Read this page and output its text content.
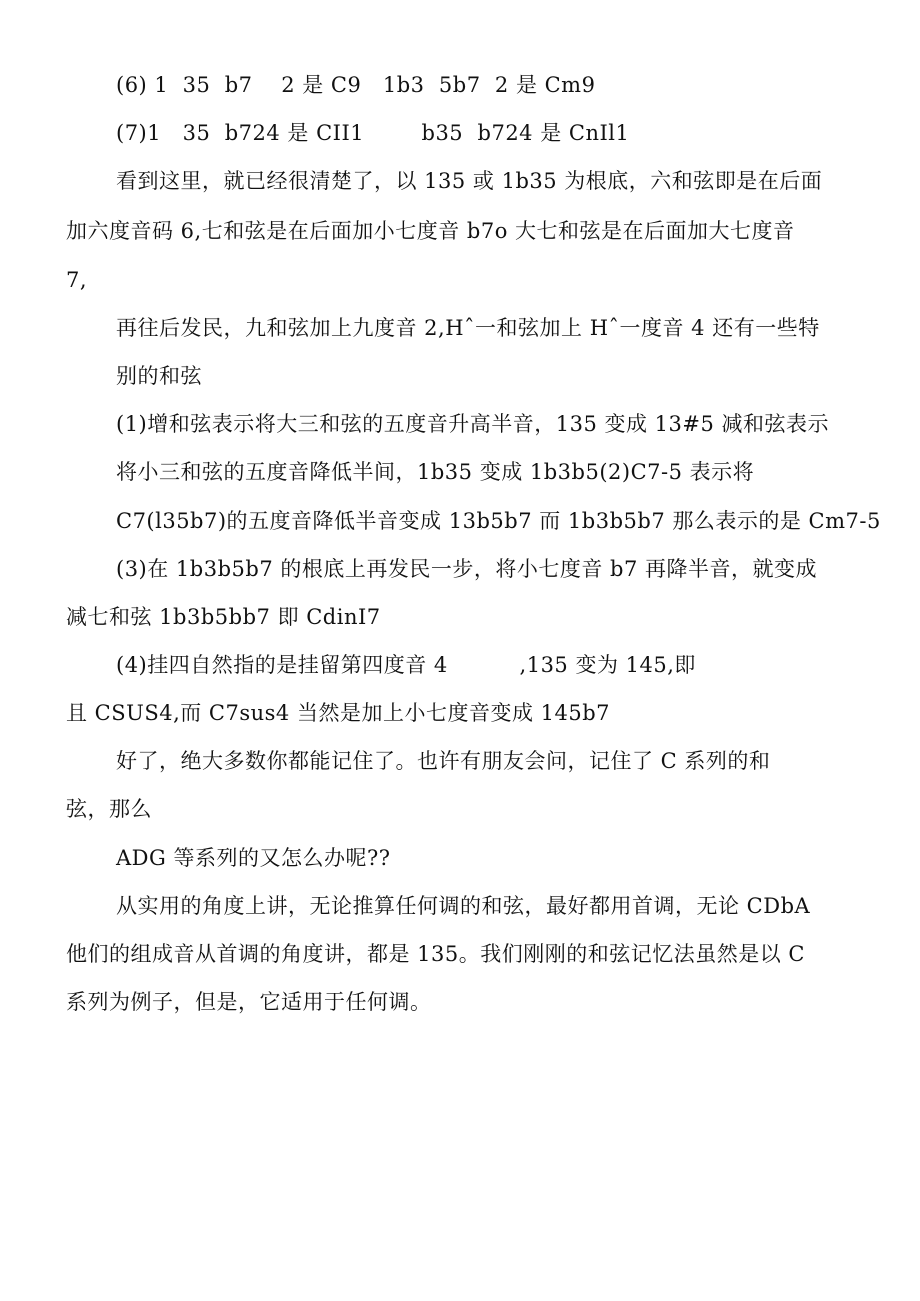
(6) 1  35  b7    2 是 C9   1b3  5b7  2 是 Cm9

(7)1   35  b724 是 CII1        b35  b724 是 CnIl1

看到这里，就已经很清楚了，以 135 或 1b35 为根底，六和弦即是在后面

加六度音码 6,七和弦是在后面加小七度音 b7o 大七和弦是在后面加大七度音

7,

再往后发民，九和弦加上九度音 2,Hˆ一和弦加上 Hˆ一度音 4 还有一些特

别的和弦

(1)增和弦表示将大三和弦的五度音升高半音，135 变成 13#5 减和弦表示

将小三和弦的五度音降低半间，1b35 变成 1b3b5(2)C7-5 表示将

C7(l35b7)的五度音降低半音变成 13b5b7 而 1b3b5b7 那么表示的是 Cm7-5

(3)在 1b3b5b7 的根底上再发民一步，将小七度音 b7 再降半音，就变成

减七和弦 1b3b5bb7 即 CdinI7

(4)挂四自然指的是挂留第四度音 4          ,135 变为 145,即

且 CSUS4,而 C7sus4 当然是加上小七度音变成 145b7

好了，绝大多数你都能记住了。也许有朋友会问，记住了 C 系列的和

弦，那么

ADG 等系列的又怎么办呢??

从实用的角度上讲，无论推算任何调的和弦，最好都用首调，无论 CDbA

他们的组成音从首调的角度讲，都是 135。我们刚刚的和弦记忆法虽然是以 C

系列为例子，但是，它适用于任何调。
